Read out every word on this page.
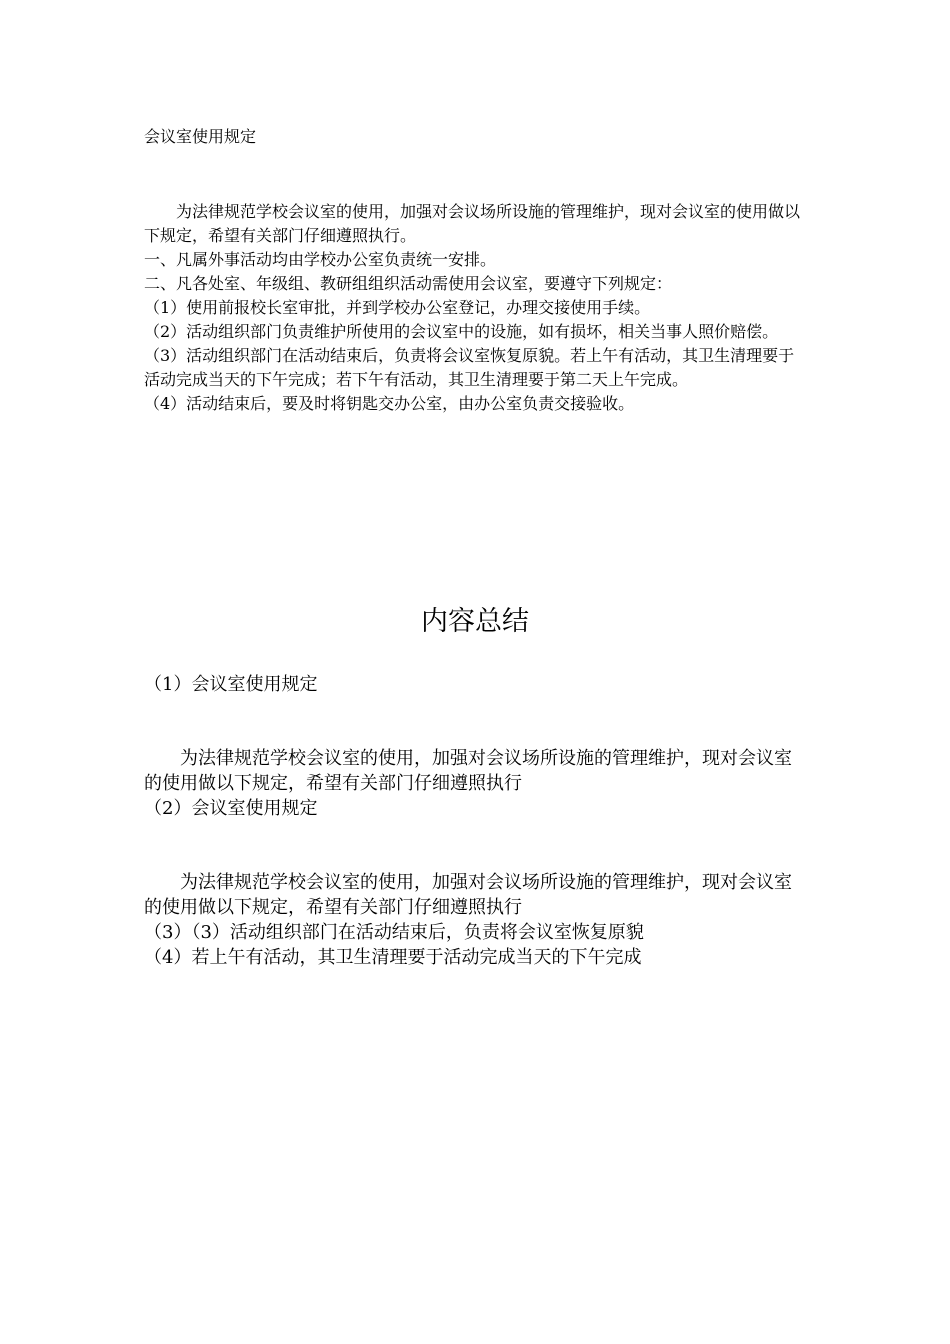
会议室使用规定

为法律规范学校会议室的使用，加强对会议场所设施的管理维护，现对会议室的使用做以下规定，希望有关部门仔细遵照执行。

一、凡属外事活动均由学校办公室负责统一安排。

二、凡各处室、年级组、教研组组织活动需使用会议室，要遵守下列规定：

（1）使用前报校长室审批，并到学校办公室登记，办理交接使用手续。

（2）活动组织部门负责维护所使用的会议室中的设施，如有损坏，相关当事人照价赔偿。

（3）活动组织部门在活动结束后，负责将会议室恢复原貌。若上午有活动，其卫生清理要于活动完成当天的下午完成；若下午有活动，其卫生清理要于第二天上午完成。

（4）活动结束后，要及时将钥匙交办公室，由办公室负责交接验收。

内容总结
（1）会议室使用规定

为法律规范学校会议室的使用，加强对会议场所设施的管理维护，现对会议室的使用做以下规定，希望有关部门仔细遵照执行

（2）会议室使用规定

为法律规范学校会议室的使用，加强对会议场所设施的管理维护，现对会议室的使用做以下规定，希望有关部门仔细遵照执行

（3）（3）活动组织部门在活动结束后，负责将会议室恢复原貌
（4）若上午有活动，其卫生清理要于活动完成当天的下午完成
